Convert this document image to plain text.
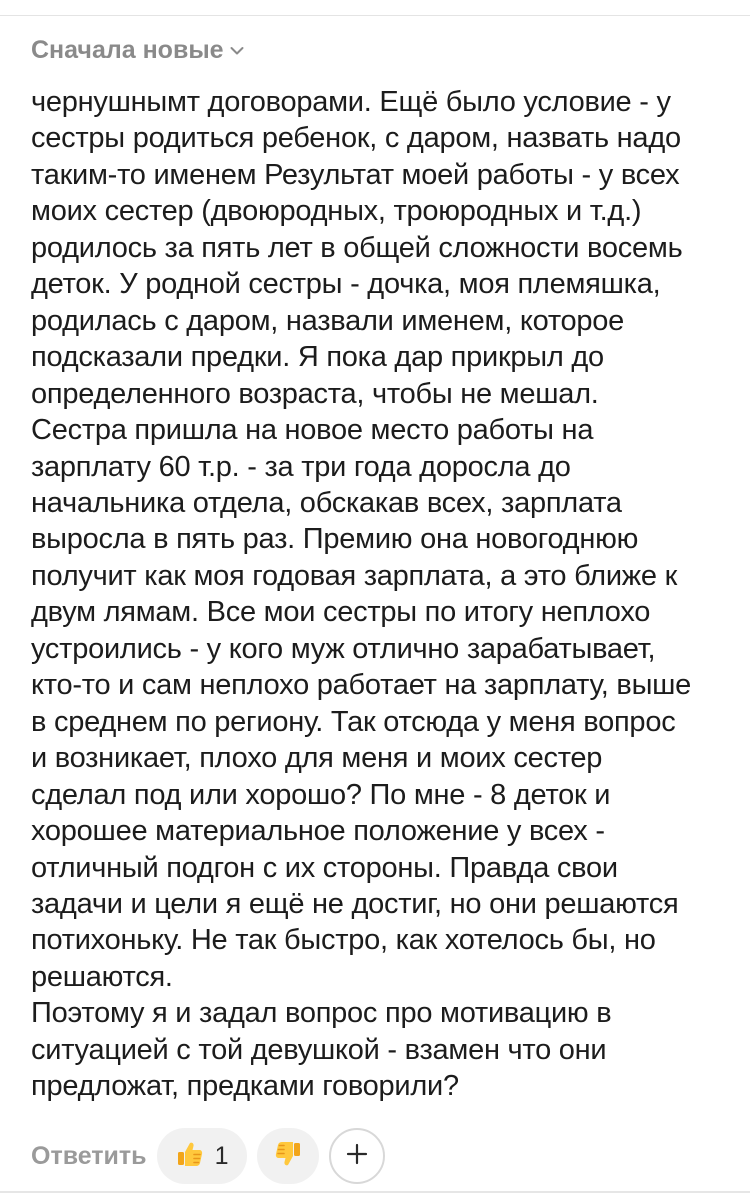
Сначала новые
чернушнымт договорами. Ещё было условие - у
сестры родиться ребенок, с даром, назвать надо
таким-то именем Результат моей работы - у всех
моих сестер (двоюродных, троюродных и т.д.)
родилось за пять лет в общей сложности восемь
деток. У родной сестры - дочка, моя племяшка,
родилась с даром, назвали именем, которое
подсказали предки. Я пока дар прикрыл до
определенного возраста, чтобы не мешал.
Сестра пришла на новое место работы на
зарплату 60 т.р. - за три года доросла до
начальника отдела, обскакав всех, зарплата
выросла в пять раз. Премию она новогоднюю
получит как моя годовая зарплата, а это ближе к
двум лямам. Все мои сестры по итогу неплохо
устроились - у кого муж отлично зарабатывает,
кто-то и сам неплохо работает на зарплату, выше
в среднем по региону. Так отсюда у меня вопрос
и возникает, плохо для меня и моих сестер
сделал под или хорошо? По мне - 8 деток и
хорошее материальное положение у всех -
отличный подгон с их стороны. Правда свои
задачи и цели я ещё не достиг, но они решаются
потихоньку. Не так быстро, как хотелось бы, но
решаются.
Поэтому я и задал вопрос про мотивацию в
ситуацией с той девушкой - взамен что они
предложат, предками говорили?
Ответить	1
